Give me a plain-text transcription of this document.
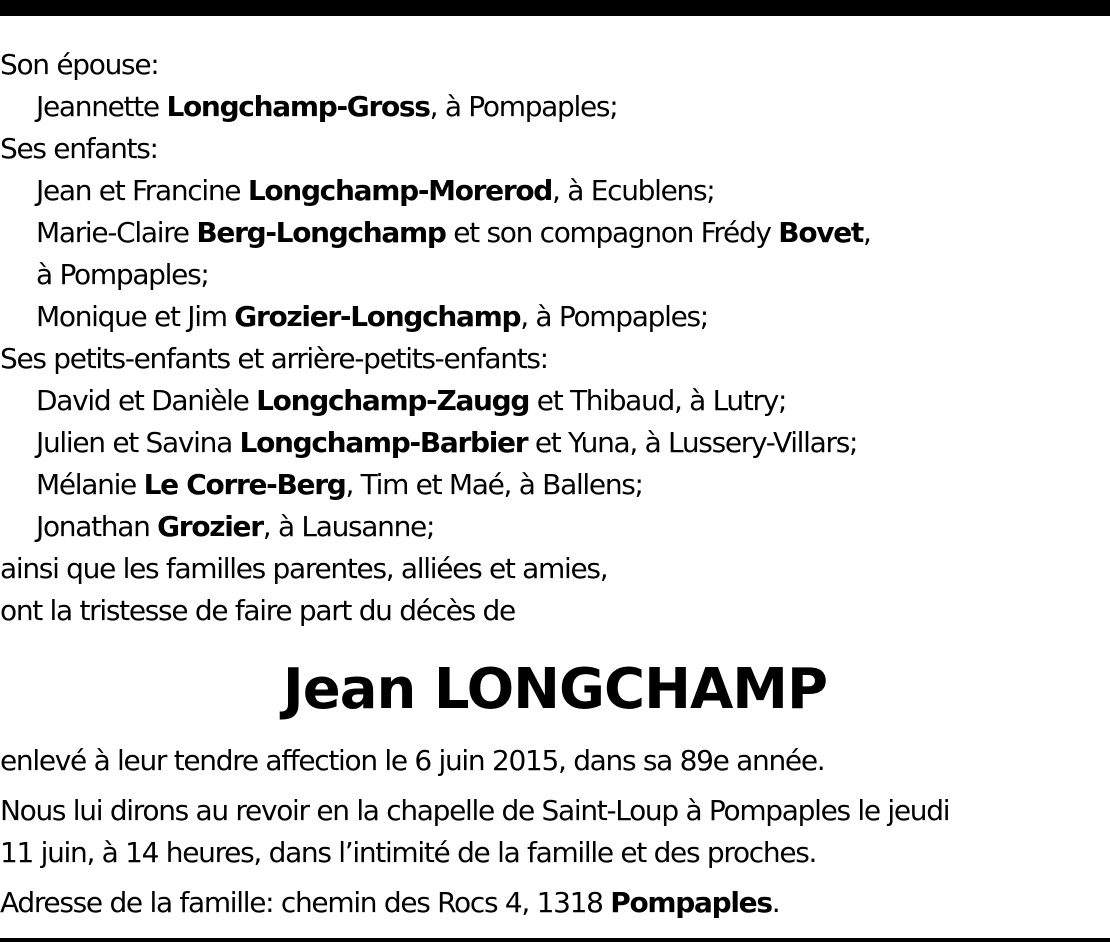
Son épouse:
Jeannette Longchamp-Gross, à Pompaples;
Ses enfants:
Jean et Francine Longchamp-Morerod, à Ecublens;
Marie-Claire Berg-Longchamp et son compagnon Frédy Bovet,
à Pompaples;
Monique et Jim Grozier-Longchamp, à Pompaples;
Ses petits-enfants et arrière-petits-enfants:
David et Danièle Longchamp-Zaugg et Thibaud, à Lutry;
Julien et Savina Longchamp-Barbier et Yuna, à Lussery-Villars;
Mélanie Le Corre-Berg, Tim et Maé, à Ballens;
Jonathan Grozier, à Lausanne;
ainsi que les familles parentes, alliées et amies,
ont la tristesse de faire part du décès de
Jean LONGCHAMP
enlevé à leur tendre affection le 6 juin 2015, dans sa 89e année.
Nous lui dirons au revoir en la chapelle de Saint-Loup à Pompaples le jeudi
11 juin, à 14 heures, dans l’intimité de la famille et des proches.
Adresse de la famille: chemin des Rocs 4, 1318 Pompaples.
